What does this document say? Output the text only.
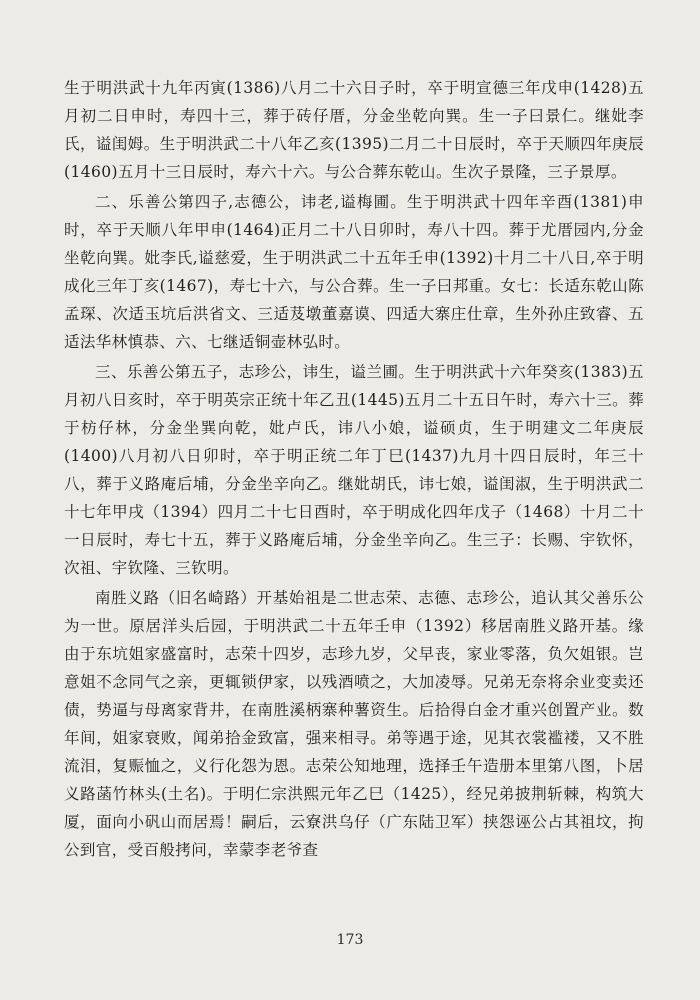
生于明洪武十九年丙寅(1386)八月二十六日子时，卒于明宣德三年戊申(1428)五月初二日申时，寿四十三，葬于砖仔厝，分金坐乾向巽。生一子曰景仁。继妣李氏，谥闺姆。生于明洪武二十八年乙亥(1395)二月二十日辰时，卒于天顺四年庚辰(1460)五月十三日辰时，寿六十六。与公合葬东乾山。生次子景隆，三子景厚。

二、乐善公第四子,志德公，讳老,谥梅圃。生于明洪武十四年辛酉(1381)申时，卒于天顺八年甲申(1464)正月二十八日卯时，寿八十四。葬于尤厝园内,分金坐乾向巽。妣李氏,谥慈爱，生于明洪武二十五年壬申(1392)十月二十八日,卒于明成化三年丁亥(1467)，寿七十六，与公合葬。生一子曰邦重。女七：长适东乾山陈孟琛、次适玉坑后洪省文、三适芨墩董嘉谟、四适大寨庄仕章，生外孙庄致睿、五适法华林慎恭、六、七继适铜壶林弘时。

三、乐善公第五子，志珍公，讳生，谥兰圃。生于明洪武十六年癸亥(1383)五月初八日亥时，卒于明英宗正统十年乙丑(1445)五月二十五日午时，寿六十三。葬于枋仔林，分金坐巽向乾，妣卢氏，讳八小娘，谥硕贞，生于明建文二年庚辰(1400)八月初八日卯时，卒于明正统二年丁巳(1437)九月十四日辰时，年三十八，葬于义路庵后埔，分金坐辛向乙。继妣胡氏，讳七娘，谥闺淑，生于明洪武二十七年甲戌（1394）四月二十七日酉时，卒于明成化四年戊子（1468）十月二十一日辰时，寿七十五，葬于义路庵后埔，分金坐辛向乙。生三子：长赐、宇钦怀，次祖、宇钦隆、三钦明。

南胜义路（旧名崎路）开基始祖是二世志荣、志德、志珍公，追认其父善乐公为一世。原居洋头后园，于明洪武二十五年壬申（1392）移居南胜义路开基。缘由于东坑姐家盛富时，志荣十四岁，志珍九岁，父早丧，家业零落，负欠姐银。岂意姐不念同气之亲，更辄锁伊家，以残酒喷之，大加凌辱。兄弟无奈将余业变卖还债，势逼与母离家背井，在南胜溪柄寨种薯资生。后拾得白金才重兴创置产业。数年间，姐家衰败，闻弟拾金致富，强来相寻。弟等遇于途，见其衣裳褴褛，又不胜流泪，复赈恤之，义行化怨为恩。志荣公知地理，选择壬午造册本里第八图，卜居义路菡竹林头(土名)。于明仁宗洪熙元年乙巳（1425），经兄弟披荆斩棘，构筑大厦，面向小矾山而居焉！嗣后，云寮洪乌仔（广东陆卫军）挟怨诬公占其祖坟，拘公到官，受百般拷问，幸蒙李老爷查

173
